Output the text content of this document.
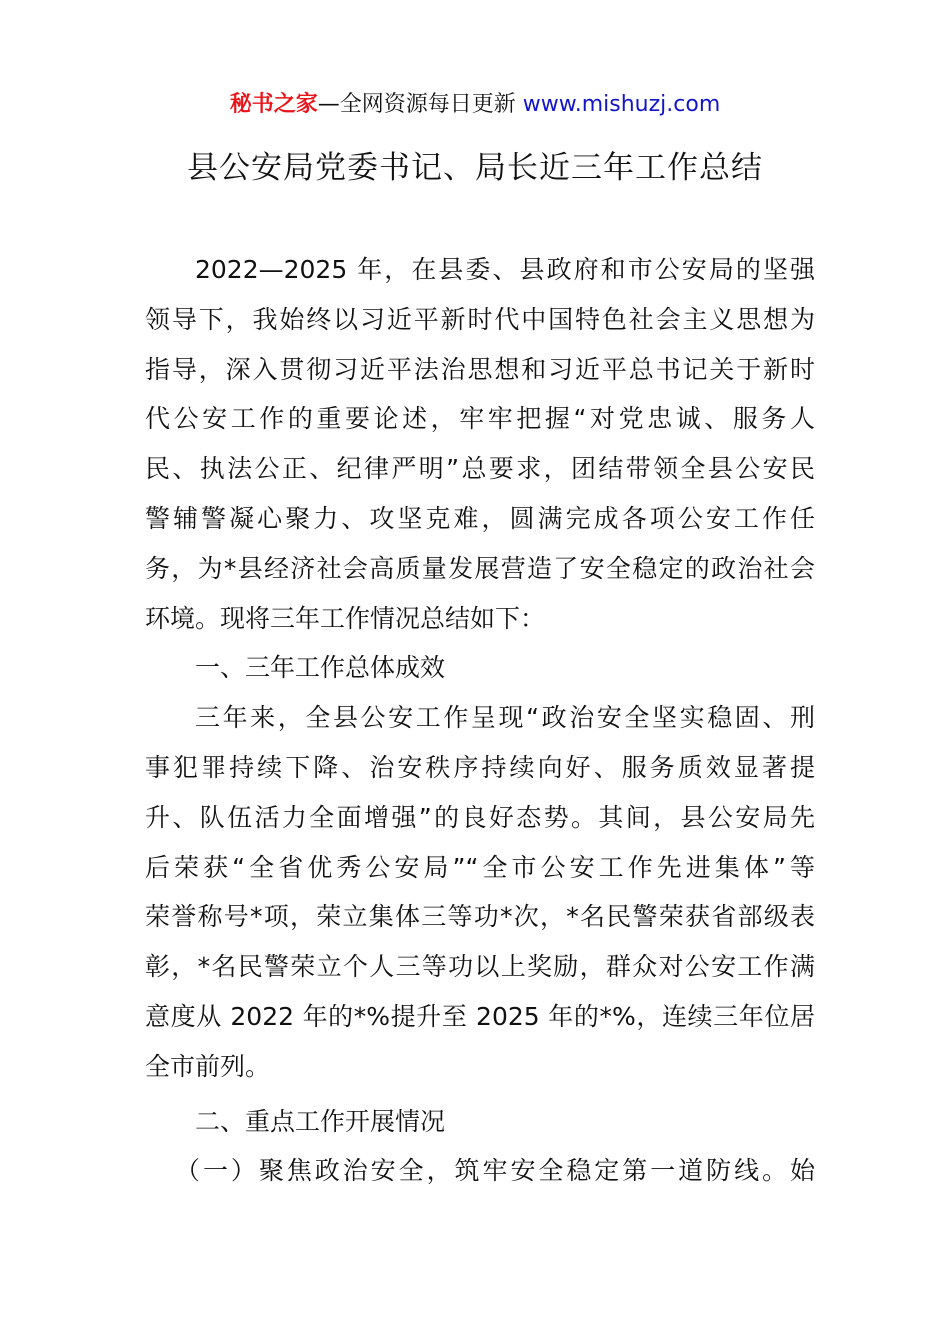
秘书之家—全网资源每日更新 www.mishuzj.com
县公安局党委书记、局长近三年工作总结
2022—2025 年，在县委、县政府和市公安局的坚强
领导下，我始终以习近平新时代中国特色社会主义思想为
指导，深入贯彻习近平法治思想和习近平总书记关于新时
代公安工作的重要论述，牢牢把握“对党忠诚、服务人
民、执法公正、纪律严明”总要求，团结带领全县公安民
警辅警凝心聚力、攻坚克难，圆满完成各项公安工作任
务，为*县经济社会高质量发展营造了安全稳定的政治社会
环境。现将三年工作情况总结如下：
一、三年工作总体成效
三年来，全县公安工作呈现“政治安全坚实稳固、刑
事犯罪持续下降、治安秩序持续向好、服务质效显著提
升、队伍活力全面增强”的良好态势。其间，县公安局先
后荣获“全省优秀公安局”“全市公安工作先进集体”等
荣誉称号*项，荣立集体三等功*次，*名民警荣获省部级表
彰，*名民警荣立个人三等功以上奖励，群众对公安工作满
意度从 2022 年的*%提升至 2025 年的*%，连续三年位居
全市前列。
二、重点工作开展情况
（一）聚焦政治安全，筑牢安全稳定第一道防线。始
